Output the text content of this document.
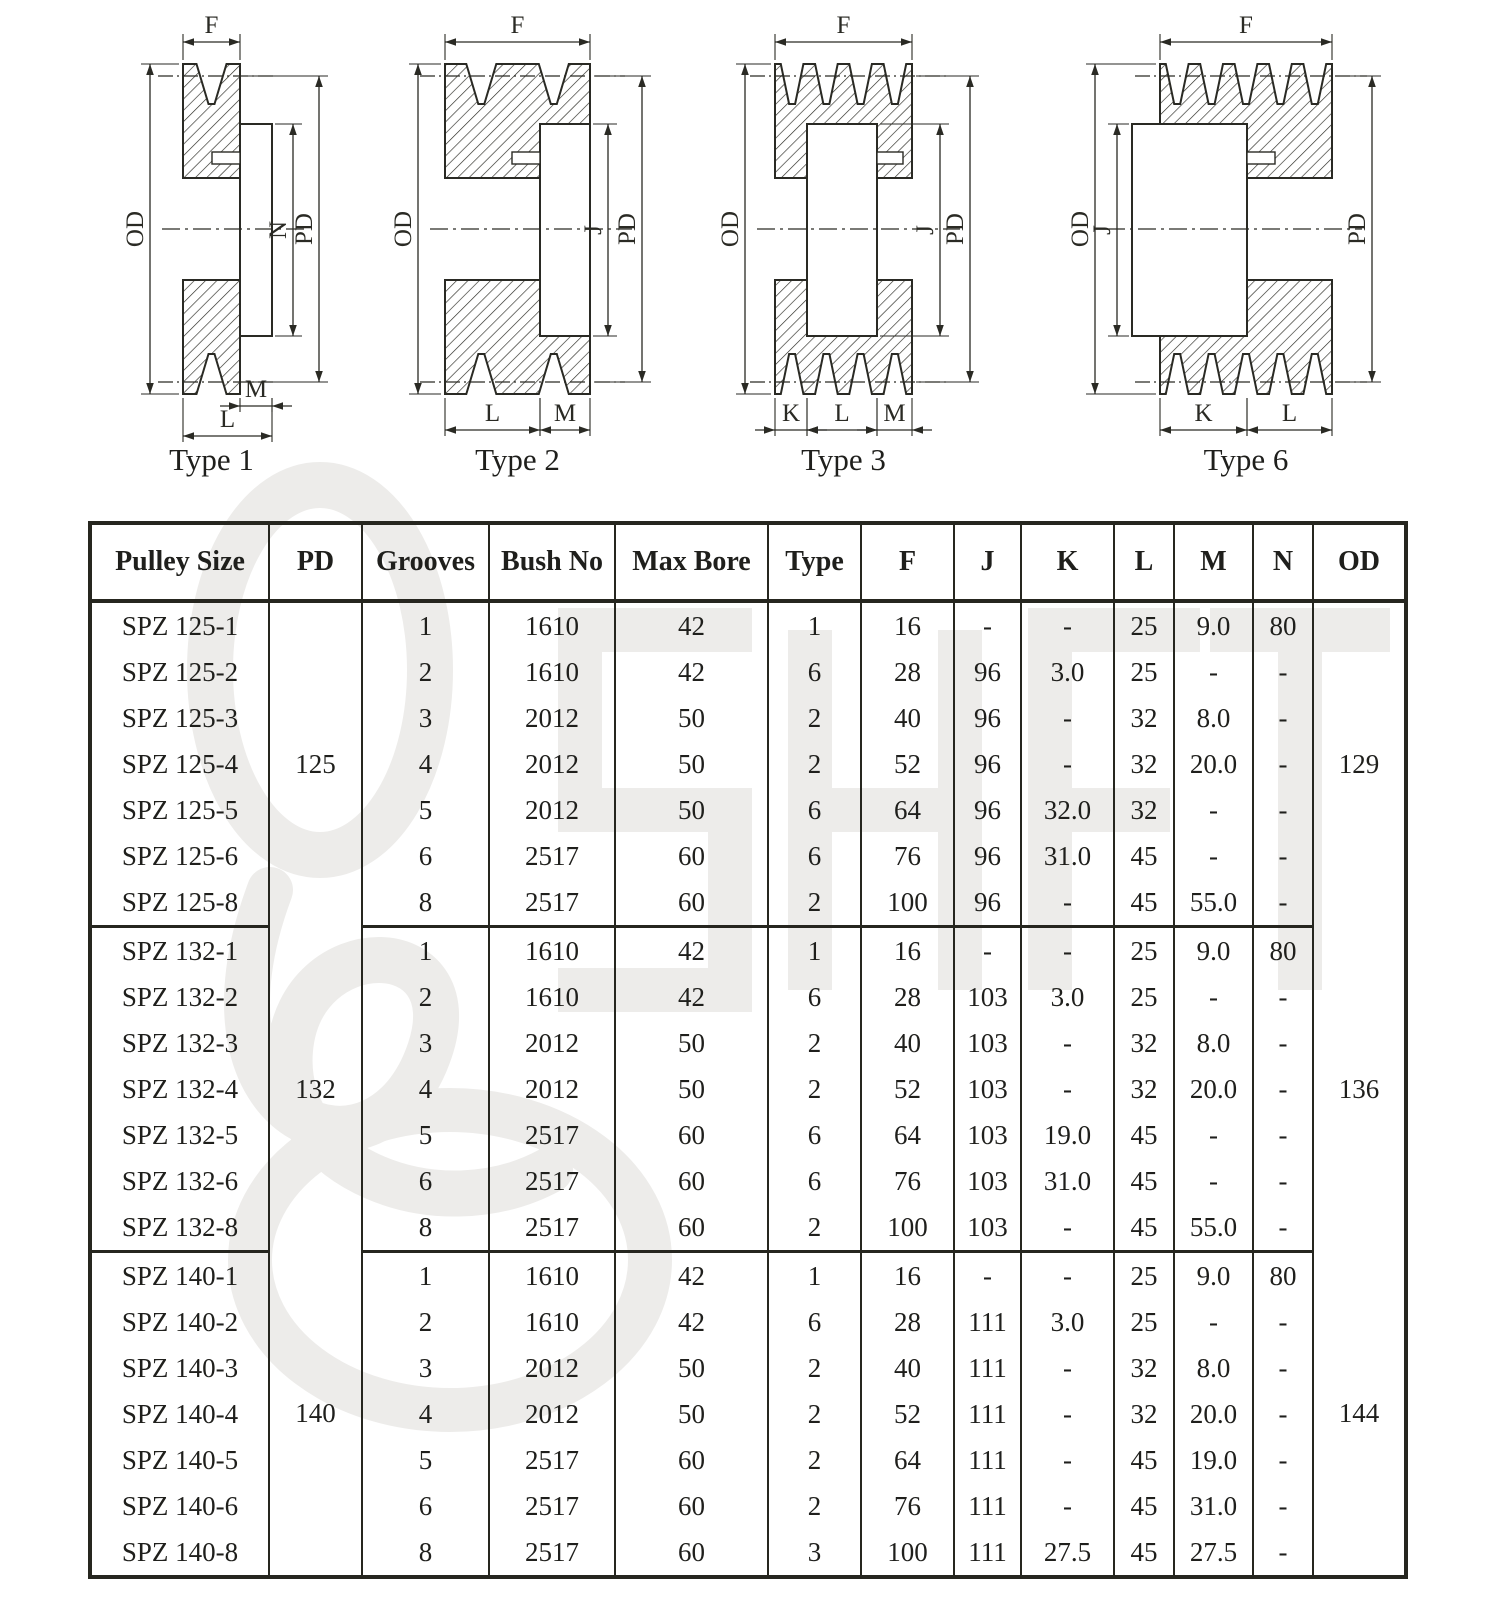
F
OD	PD
N
M
L
Type 1
F
OD	PD
J
L M
Type 2
F
OD	PD
J
K L M
Type 3
F
OD	PD
J
K	L
Type 6
Pulley Size	PD	Grooves	Bush No	Max Bore	Type	F	J	K	L	M	N	OD
SPZ 125-1	125	1	1610	42	1	16	-	-	25	9.0	80	129
SPZ 125-2		2	1610	42	6	28	96	3.0	25	-	-	
SPZ 125-3		3	2012	50	2	40	96	-	32	8.0	-	
SPZ 125-4		4	2012	50	2	52	96	-	32	20.0	-	
SPZ 125-5		5	2012	50	6	64	96	32.0	32	-	-	
SPZ 125-6		6	2517	60	6	76	96	31.0	45	-	-	
SPZ 125-8		8	2517	60	2	100	96	-	45	55.0	-	
SPZ 132-1	132	1	1610	42	1	16	-	-	25	9.0	80	136
SPZ 132-2		2	1610	42	6	28	103	3.0	25	-	-	
SPZ 132-3		3	2012	50	2	40	103	-	32	8.0	-	
SPZ 132-4		4	2012	50	2	52	103	-	32	20.0	-	
SPZ 132-5		5	2517	60	6	64	103	19.0	45	-	-	
SPZ 132-6		6	2517	60	6	76	103	31.0	45	-	-	
SPZ 132-8		8	2517	60	2	100	103	-	45	55.0	-	
SPZ 140-1	140	1	1610	42	1	16	-	-	25	9.0	80	144
SPZ 140-2		2	1610	42	6	28	111	3.0	25	-	-	
SPZ 140-3		3	2012	50	2	40	111	-	32	8.0	-	
SPZ 140-4		4	2012	50	2	52	111	-	32	20.0	-	
SPZ 140-5		5	2517	60	2	64	111	-	45	19.0	-	
SPZ 140-6		6	2517	60	2	76	111	-	45	31.0	-	
SPZ 140-8		8	2517	60	3	100	111	27.5	45	27.5	-	
